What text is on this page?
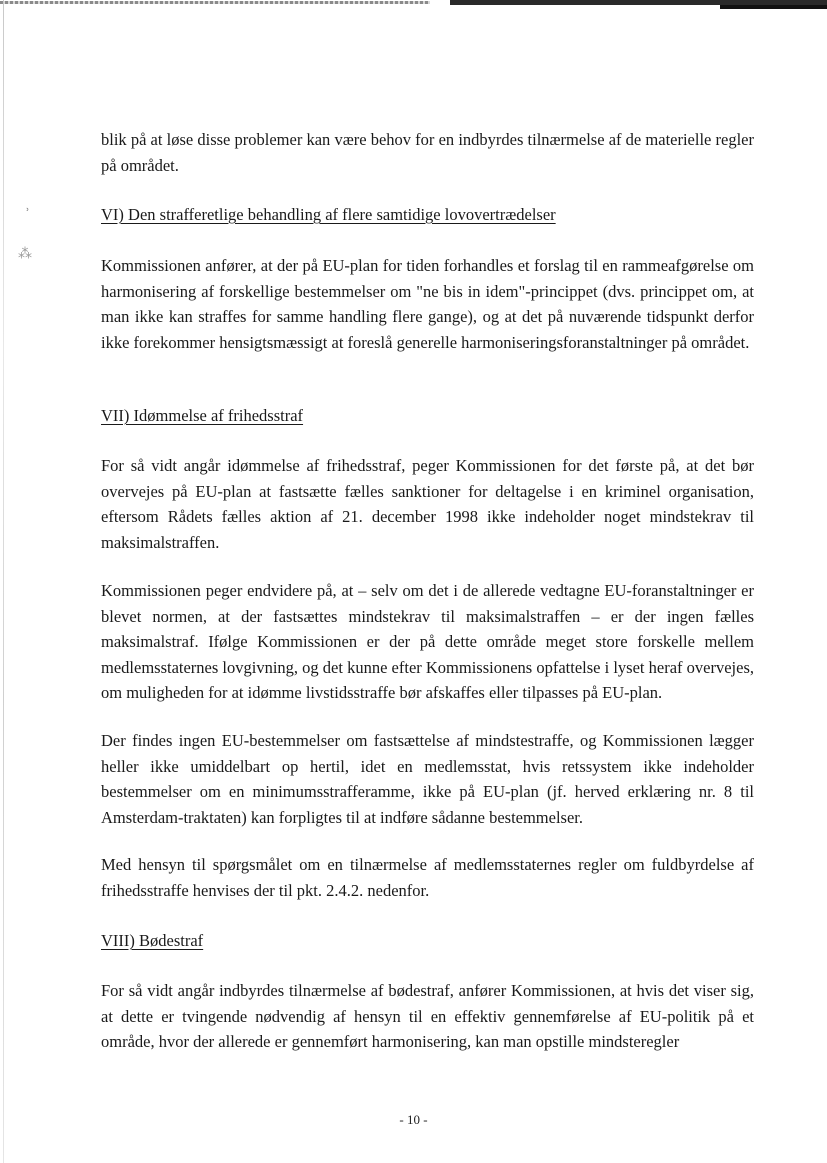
ʾ
⁂

blik på at løse disse problemer kan være behov for en indbyrdes tilnærmelse af de materielle regler på området.

VI) Den strafferetlige behandling af flere samtidige lovovertrædelser

Kommissionen anfører, at der på EU-plan for tiden forhandles et forslag til en rammeafgørelse om harmonisering af forskellige bestemmelser om "ne bis in idem"-princippet (dvs. princippet om, at man ikke kan straffes for samme handling flere gange), og at det på nuværende tidspunkt derfor ikke forekommer hensigtsmæssigt at foreslå generelle harmoniseringsforanstaltninger på området.

VII) Idømmelse af frihedsstraf

For så vidt angår idømmelse af frihedsstraf, peger Kommissionen for det første på, at det bør overvejes på EU-plan at fastsætte fælles sanktioner for deltagelse i en kriminel organisation, eftersom Rådets fælles aktion af 21. december 1998 ikke indeholder noget mindstekrav til maksimalstraffen.

Kommissionen peger endvidere på, at – selv om det i de allerede vedtagne EU-foranstaltninger er blevet normen, at der fastsættes mindstekrav til maksimalstraffen – er der ingen fælles maksimalstraf. Ifølge Kommissionen er der på dette område meget store forskelle mellem medlemsstaternes lovgivning, og det kunne efter Kommissionens opfattelse i lyset heraf overvejes, om muligheden for at idømme livstidsstraffe bør afskaffes eller tilpasses på EU-plan.

Der findes ingen EU-bestemmelser om fastsættelse af mindstestraffe, og Kommissionen lægger heller ikke umiddelbart op hertil, idet en medlemsstat, hvis retssystem ikke indeholder bestemmelser om en minimumsstrafferamme, ikke på EU-plan (jf. herved erklæring nr. 8 til Amsterdam-traktaten) kan forpligtes til at indføre sådanne bestemmelser.

Med hensyn til spørgsmålet om en tilnærmelse af medlemsstaternes regler om fuldbyrdelse af frihedsstraffe henvises der til pkt. 2.4.2. nedenfor.

VIII) Bødestraf

For så vidt angår indbyrdes tilnærmelse af bødestraf, anfører Kommissionen, at hvis det viser sig, at dette er tvingende nødvendig af hensyn til en effektiv gennemførelse af EU-politik på et område, hvor der allerede er gennemført harmonisering, kan man opstille mindsteregler

- 10 -
